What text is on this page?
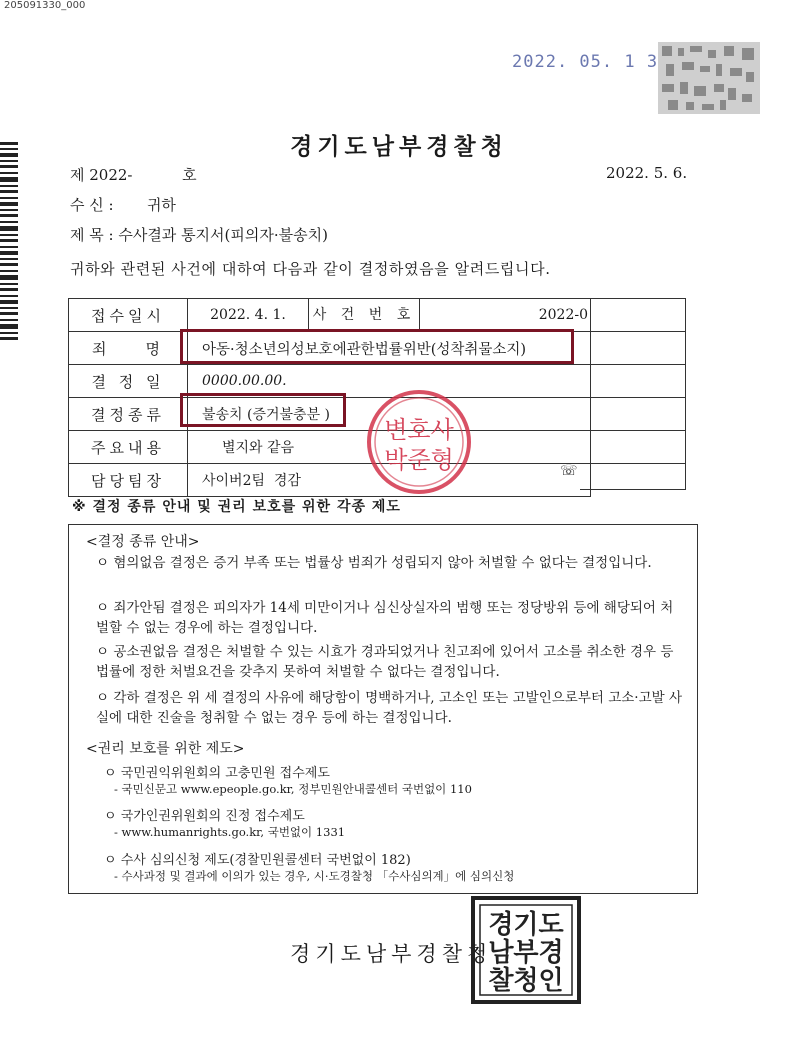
205091330_000
2022. 05. 1 3
경기도남부경찰청
제 2022-	호	2022. 5. 6.
수 신 :       귀하
제 목 : 수사결과 통지서(피의자·불송치)
귀하와 관련된 사건에 대하여 다음과 같이 결정하였음을 알려드립니다.
접수일시	2022. 4. 1. 사 건 번 호 2022-0

죄    명	아동·청소년의성보호에관한법률위반(성착취물소지)
결 정 일	0000.00.00.
결정종류	불송치 (증거불충분 )
주요내용	별지와 같음
담당팀장	사이버2팀  경감
변호사
박준형	☏
※ 결정 종류 안내 및 권리 보호를 위한 각종 제도
<결정 종류 안내>
ㅇ 혐의없음 결정은 증거 부족 또는 법률상 범죄가 성립되지 않아 처벌할 수 없다는 결정입니다.
ㅇ 죄가안됨 결정은 피의자가 14세 미만이거나 심신상실자의 범행 또는 정당방위 등에 해당되어 처벌할 수 없는 경우에 하는 결정입니다.
ㅇ 공소권없음 결정은 처벌할 수 있는 시효가 경과되었거나 친고죄에 있어서 고소를 취소한 경우 등 법률에 정한 처벌요건을 갖추지 못하여 처벌할 수 없다는 결정입니다.
ㅇ 각하 결정은 위 세 결정의 사유에 해당함이 명백하거나, 고소인 또는 고발인으로부터 고소·고발 사실에 대한 진술을 청취할 수 없는 경우 등에 하는 결정입니다.
<권리 보호를 위한 제도>
ㅇ 국민권익위원회의 고충민원 접수제도
- 국민신문고 www.epeople.go.kr, 정부민원안내콜센터 국번없이 110
ㅇ 국가인권위원회의 진정 접수제도
- www.humanrights.go.kr, 국번없이 1331
ㅇ 수사 심의신청 제도(경찰민원콜센터 국번없이 182)
- 수사과정 및 결과에 이의가 있는 경우, 시·도경찰청 「수사심의계」에 심의신청
경기도남부경찰청
경기도
남부경
찰청인
